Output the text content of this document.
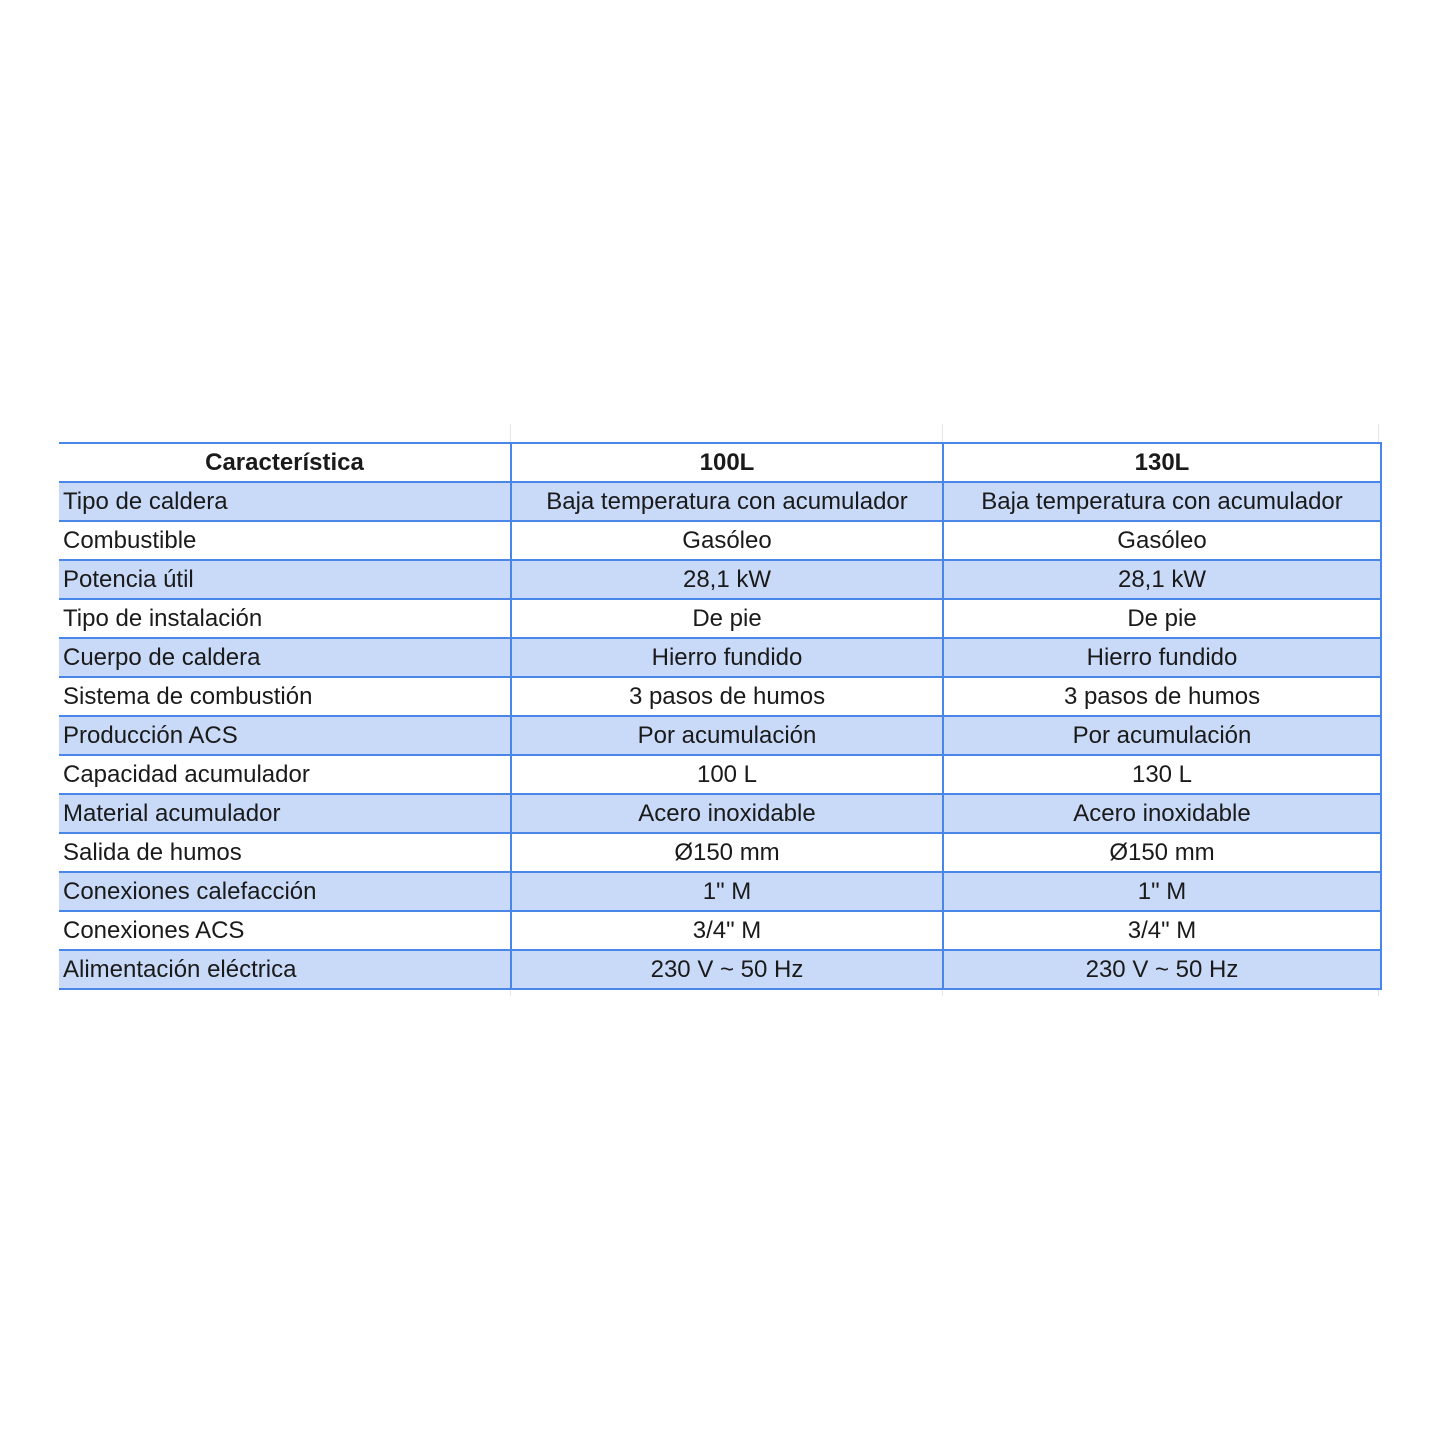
Característica	100L	130L
Tipo de caldera	Baja temperatura con acumulador	Baja temperatura con acumulador
Combustible	Gasóleo	Gasóleo
Potencia útil	28,1 kW	28,1 kW
Tipo de instalación	De pie	De pie
Cuerpo de caldera	Hierro fundido	Hierro fundido
Sistema de combustión	3 pasos de humos	3 pasos de humos
Producción ACS	Por acumulación	Por acumulación
Capacidad acumulador	100 L	130 L
Material acumulador	Acero inoxidable	Acero inoxidable
Salida de humos	Ø150 mm	Ø150 mm
Conexiones calefacción	1" M	1" M
Conexiones ACS	3/4" M	3/4" M
Alimentación eléctrica	230 V ~ 50 Hz	230 V ~ 50 Hz
